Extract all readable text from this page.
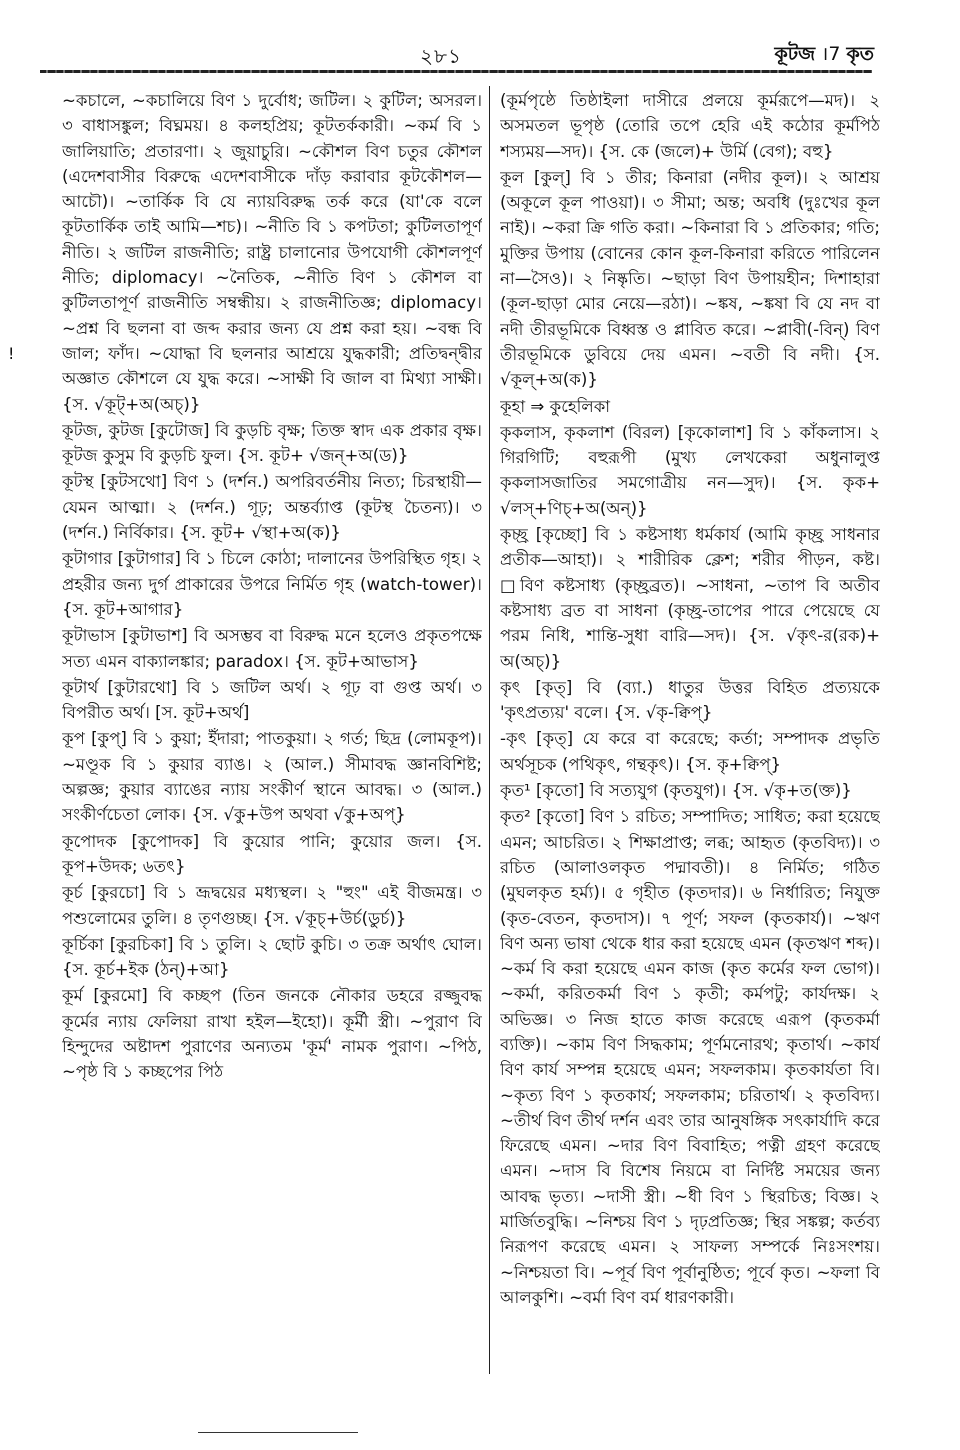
২৮১	কূটজ ।7 কৃত
!

~কচালে, ~কচালিয়ে বিণ ১ দুর্বোধ; জটিল। ২ কুটিল; অসরল। ৩ বাধাসঙ্কুল; বিঘ্নময়। ৪ কলহপ্রিয়; কূটতর্ককারী। ~কর্ম বি ১ জালিয়াতি; প্রতারণা। ২ জুয়াচুরি। ~কৌশল বিণ চতুর কৌশল (এদেশবাসীর বিরুদ্ধে এদেশবাসীকে দাঁড় করাবার কূটকৌশল—আচৌ)। ~তার্কিক বি যে ন্যায়বিরুদ্ধ তর্ক করে (যা'কে বলে কূটতার্কিক তাই আমি—শচ)। ~নীতি বি ১ কপটতা; কুটিলতাপূর্ণ নীতি। ২ জটিল রাজনীতি; রাষ্ট্র চালানোর উপযোগী কৌশলপূর্ণ নীতি; diplomacy। ~নৈতিক, ~নীতি বিণ ১ কৌশল বা কুটিলতাপূর্ণ রাজনীতি সম্বন্ধীয়। ২ রাজনীতিজ্ঞ; diplomacy। ~প্রশ্ন বি ছলনা বা জব্দ করার জন্য যে প্রশ্ন করা হয়। ~বন্ধ বি জাল; ফাঁদ। ~যোদ্ধা বি ছলনার আশ্রয়ে যুদ্ধকারী; প্রতিদ্বন্দ্বীর অজ্ঞাত কৌশলে যে যুদ্ধ করে। ~সাক্ষী বি জাল বা মিথ্যা সাক্ষী। {স. √কূট্+অ(অচ্)}

কূটজ, কুটজ [কুটোজ] বি কুড়চি বৃক্ষ; তিক্ত স্বাদ এক প্রকার বৃক্ষ। কূটজ কুসুম বি কুড়চি ফুল। {স. কূট+ √জন্+অ(ড)}

কূটস্থ [কুটসথো] বিণ ১ (দর্শন.) অপরিবর্তনীয় নিত্য; চিরস্থায়ী—যেমন আত্মা। ২ (দর্শন.) গূঢ়; অন্তর্ব্যাপ্ত (কূটস্থ চৈতন্য)। ৩ (দর্শন.) নির্বিকার। {স. কূট+ √স্থা+অ(ক)}

কূটাগার [কুটাগার] বি ১ চিলে কোঠা; দালানের উপরিস্থিত গৃহ। ২ প্রহরীর জন্য দুর্গ প্রাকারের উপরে নির্মিত গৃহ (watch-tower)। {স. কূট+আগার}

কূটাভাস [কুটাভাশ] বি অসম্ভব বা বিরুদ্ধ মনে হলেও প্রকৃতপক্ষে সত্য এমন বাক্যালঙ্কার; paradox। {স. কূট+আভাস}

কূটার্থ [কুটারথো] বি ১ জটিল অর্থ। ২ গূঢ় বা গুপ্ত অর্থ। ৩ বিপরীত অর্থ। [স. কূট+অর্থ]

কূপ [কুপ্] বি ১ কুয়া; ইঁদারা; পাতকুয়া। ২ গর্ত; ছিদ্র (লোমকূপ)। ~মণ্ডূক বি ১ কুয়ার ব্যাঙ। ২ (আল.) সীমাবদ্ধ জ্ঞানবিশিষ্ট; অল্পজ্ঞ; কুয়ার ব্যাঙের ন্যায় সংকীর্ণ স্থানে আবদ্ধ। ৩ (আল.) সংকীর্ণচেতা লোক। {স. √কু+উপ অথবা √কু+অপ্}

কূপোদক [কুপোদক] বি কুয়োর পানি; কুয়োর জল। {স. কূপ+উদক; ৬তৎ}

কূর্চ [কুরচো] বি ১ ভ্রূদ্বয়ের মধ্যস্থল। ২ "হুং" এই বীজমন্ত্র। ৩ পশুলোমের তুলি। ৪ তৃণগুচ্ছ। {স. √কূচ্+উর্চ(ডুর্চ)}

কূর্চিকা [কুরচিকা] বি ১ তুলি। ২ ছোট কুচি। ৩ তক্র অর্থাৎ ঘোল। {স. কূর্চ+ইক (ঠন্)+আ}

কূর্ম [কুরমো] বি কচ্ছপ (তিন জনকে নৌকার ডহরে রজ্জুবদ্ধ কূর্মের ন্যায় ফেলিয়া রাখা হইল—ইহো)। কূর্মী স্ত্রী। ~পুরাণ বি হিন্দুদের অষ্টাদশ পুরাণের অন্যতম 'কূর্ম' নামক পুরাণ। ~পিঠ, ~পৃষ্ঠ বি ১ কচ্ছপের পিঠ

(কূর্মপৃষ্ঠে তিষ্ঠাইলা দাসীরে প্রলয়ে কূর্মরূপে—মদ)। ২ অসমতল ভূপৃষ্ঠ (তোরি তপে হেরি এই কঠোর কূর্মপিঠ শস্যময়—সদ)। {স. কে (জলে)+ উর্মি (বেগ); বহু}

কূল [কুল্] বি ১ তীর; কিনারা (নদীর কূল)। ২ আশ্রয় (অকূলে কূল পাওয়া)। ৩ সীমা; অন্ত; অবধি (দুঃখের কূল নাই)। ~করা ক্রি গতি করা। ~কিনারা বি ১ প্রতিকার; গতি; মুক্তির উপায় (বোনের কোন কূল-কিনারা করিতে পারিলেন না—সৈও)। ২ নিষ্কৃতি। ~ছাড়া বিণ উপায়হীন; দিশাহারা (কূল-ছাড়া মোর নেয়ে—রঠা)। ~ঙ্কষ, ~ঙ্কষা বি যে নদ বা নদী তীরভূমিকে বিধ্বস্ত ও প্লাবিত করে। ~প্লাবী(-বিন্) বিণ তীরভূমিকে ডুবিয়ে দেয় এমন। ~বতী বি নদী। {স. √কূল্+অ(ক)}

কূহা ⇒ কুহেলিকা

কৃকলাস, কৃকলাশ (বিরল) [কৃকোলাশ] বি ১ কাঁকলাস। ২ গিরগিটি; বহুরূপী (মুখ্য লেখকেরা অধুনালুপ্ত কৃকলাসজাতির সমগোত্রীয় নন—সুদ)। {স. কৃক+ √লস্+ণিচ্+অ(অন্)}

কৃচ্ছ্র [কৃচ্ছো] বি ১ কষ্টসাধ্য ধর্মকার্য (আমি কৃচ্ছ্র সাধনার প্রতীক—আহা)। ২ শারীরিক ক্লেশ; শরীর পীড়ন, কষ্ট। □বিণ কষ্টসাধ্য (কৃচ্ছ্রব্রত)। ~সাধনা, ~তাপ বি অতীব কষ্টসাধ্য ব্রত বা সাধনা (কৃচ্ছ্র-তাপের পারে পেয়েছে যে পরম নিধি, শান্তি-সুধা বারি—সদ)। {স. √কৃৎ-র(রক)+ অ(অচ্)}

কৃৎ [কৃত্] বি (ব্যা.) ধাতুর উত্তর বিহিত প্রত্যয়কে 'কৃৎপ্রত্যয়' বলে। {স. √কৃ-ক্বিপ্}

-কৃৎ [কৃত্] যে করে বা করেছে; কর্তা; সম্পাদক প্রভৃতি অর্থসূচক (পথিকৃৎ, গন্থকৃৎ)। {স. কৃ+ক্বিপ্}

কৃত¹ [কৃতো] বি সত্যযুগ (কৃতযুগ)। {স. √কৃ+ত(ক্ত)}

কৃত² [কৃতো] বিণ ১ রচিত; সম্পাদিত; সাধিত; করা হয়েছে এমন; আচরিত। ২ শিক্ষাপ্রাপ্ত; লব্ধ; আহৃত (কৃতবিদ্য)। ৩ রচিত (আলাওলকৃত পদ্মাবতী)। ৪ নির্মিত; গঠিত (মুঘলকৃত হর্ম্য)। ৫ গৃহীত (কৃতদার)। ৬ নির্ধারিত; নিযুক্ত (কৃত-বেতন, কৃতদাস)। ৭ পূর্ণ; সফল (কৃতকার্য)। ~ঋণ বিণ অন্য ভাষা থেকে ধার করা হয়েছে এমন (কৃতঋণ শব্দ)। ~কর্ম বি করা হয়েছে এমন কাজ (কৃত কর্মের ফল ভোগ)। ~কর্মা, করিতকর্মা বিণ ১ কৃতী; কর্মপটু; কার্যদক্ষ। ২ অভিজ্ঞ। ৩ নিজ হাতে কাজ করেছে এরূপ (কৃতকর্মা ব্যক্তি)। ~কাম বিণ সিদ্ধকাম; পূর্ণমনোরথ; কৃতার্থ। ~কার্য বিণ কার্য সম্পন্ন হয়েছে এমন; সফলকাম। কৃতকার্যতা বি। ~কৃত্য বিণ ১ কৃতকার্য; সফলকাম; চরিতার্থ। ২ কৃতবিদ্য। ~তীর্থ বিণ তীর্থ দর্শন এবং তার আনুষঙ্গিক সৎকার্যাদি করে ফিরেছে এমন। ~দার বিণ বিবাহিত; পত্নী গ্রহণ করেছে এমন। ~দাস বি বিশেষ নিয়মে বা নির্দিষ্ট সময়ের জন্য আবদ্ধ ভৃত্য। ~দাসী স্ত্রী। ~ধী বিণ ১ স্থিরচিত্ত; বিজ্ঞ। ২ মার্জিতবুদ্ধি। ~নিশ্চয় বিণ ১ দৃঢ়প্রতিজ্ঞ; স্থির সঙ্কল্প; কর্তব্য নিরূপণ করেছে এমন। ২ সাফল্য সম্পর্কে নিঃসংশয়। ~নিশ্চয়তা বি। ~পূর্ব বিণ পূর্বানুষ্ঠিত; পূর্বে কৃত। ~ফলা বি আলকুশি। ~বর্মা বিণ বর্ম ধারণকারী।
